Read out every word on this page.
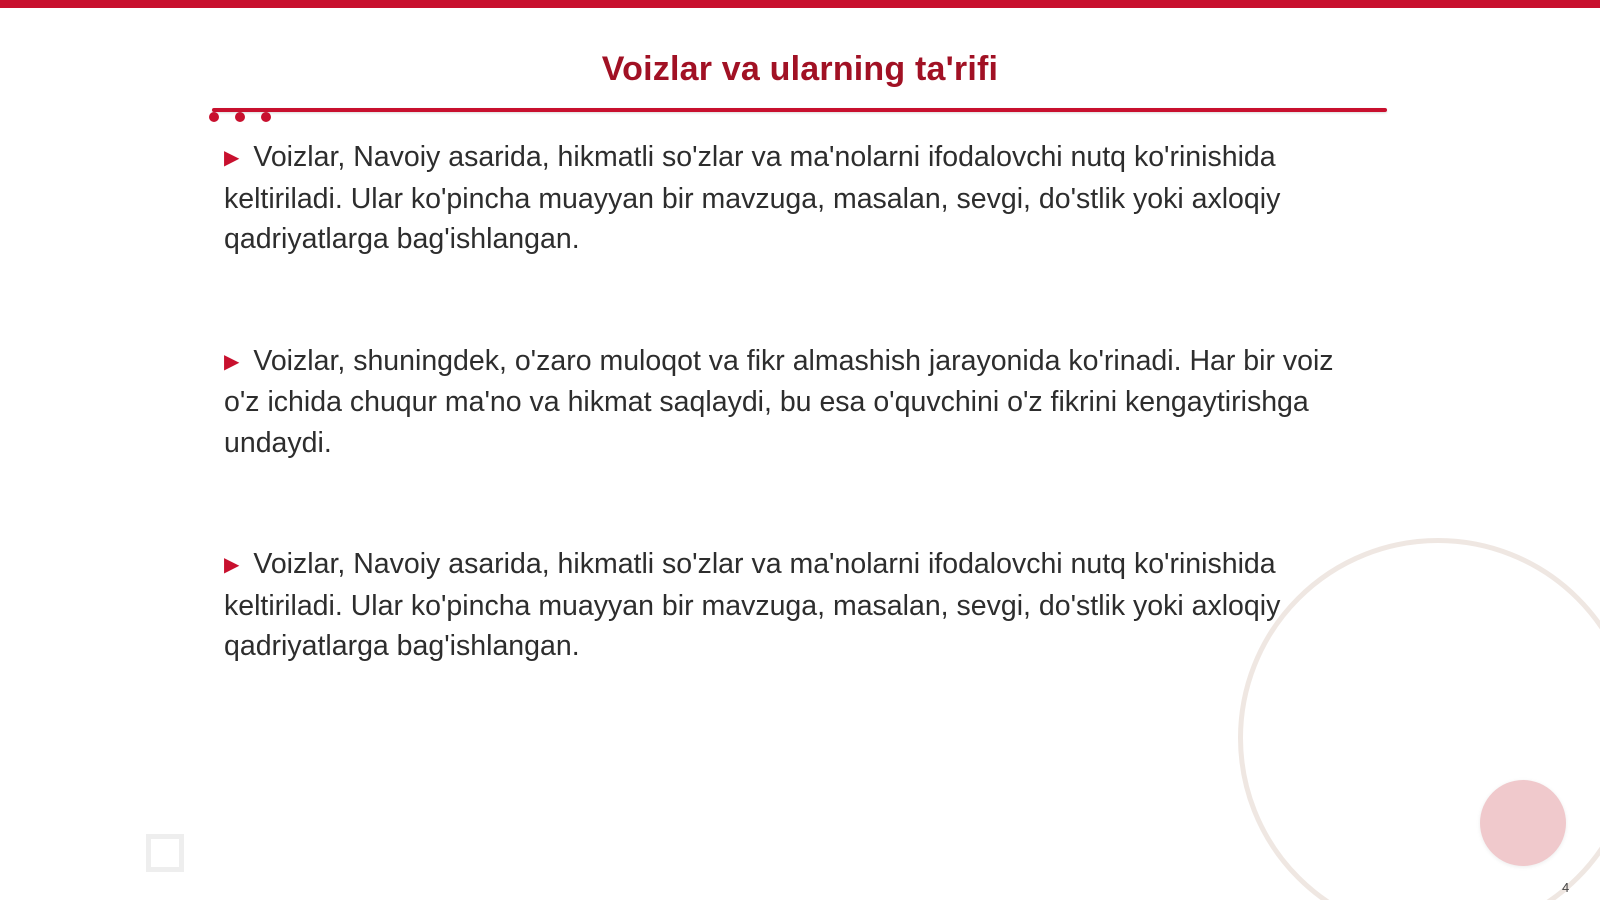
Voizlar va ularning ta'rifi

▶ Voizlar, Navoiy asarida, hikmatli so'zlar va ma'nolarni ifodalovchi nutq ko'rinishida keltiriladi. Ular ko'pincha muayyan bir mavzuga, masalan, sevgi, do'stlik yoki axloqiy qadriyatlarga bag'ishlangan.

▶ Voizlar, shuningdek, o'zaro muloqot va fikr almashish jarayonida ko'rinadi. Har bir voiz o'z ichida chuqur ma'no va hikmat saqlaydi, bu esa o'quvchini o'z fikrini kengaytirishga undaydi.

▶ Voizlar, Navoiy asarida, hikmatli so'zlar va ma'nolarni ifodalovchi nutq ko'rinishida keltiriladi. Ular ko'pincha muayyan bir mavzuga, masalan, sevgi, do'stlik yoki axloqiy qadriyatlarga bag'ishlangan.

4
